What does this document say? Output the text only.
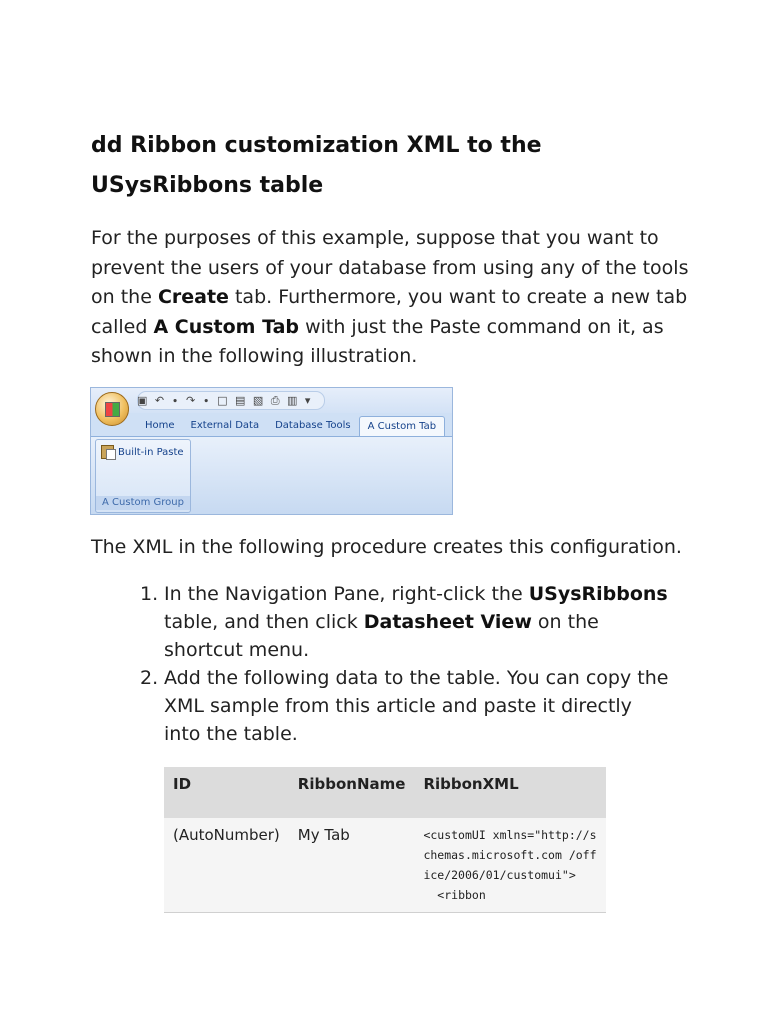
dd Ribbon customization XML to the
USysRibbons table

For the purposes of this example, suppose that you want to prevent the users of your database from using any of the tools on the Create tab. Furthermore, you want to create a new tab called A Custom Tab with just the Paste command on it, as shown in the following illustration.

▣ ↶ ∙ ↷ ∙ □ ▤ ▧ ⎙ ▥ ▾
Home	External Data	Database Tools	A Custom Tab
Built-in Paste
A Custom Group

The XML in the following procedure creates this configuration.

1. In the Navigation Pane, right-click the USysRibbons table, and then click Datasheet View on the shortcut menu.
2. Add the following data to the table. You can copy the XML sample from this article and paste it directly into the table.
ID	RibbonName	RibbonXML
(AutoNumber)	My Tab	<customUI xmlns="http://schemas.microsoft.com /office/2006/01/customui">
<ribbon
